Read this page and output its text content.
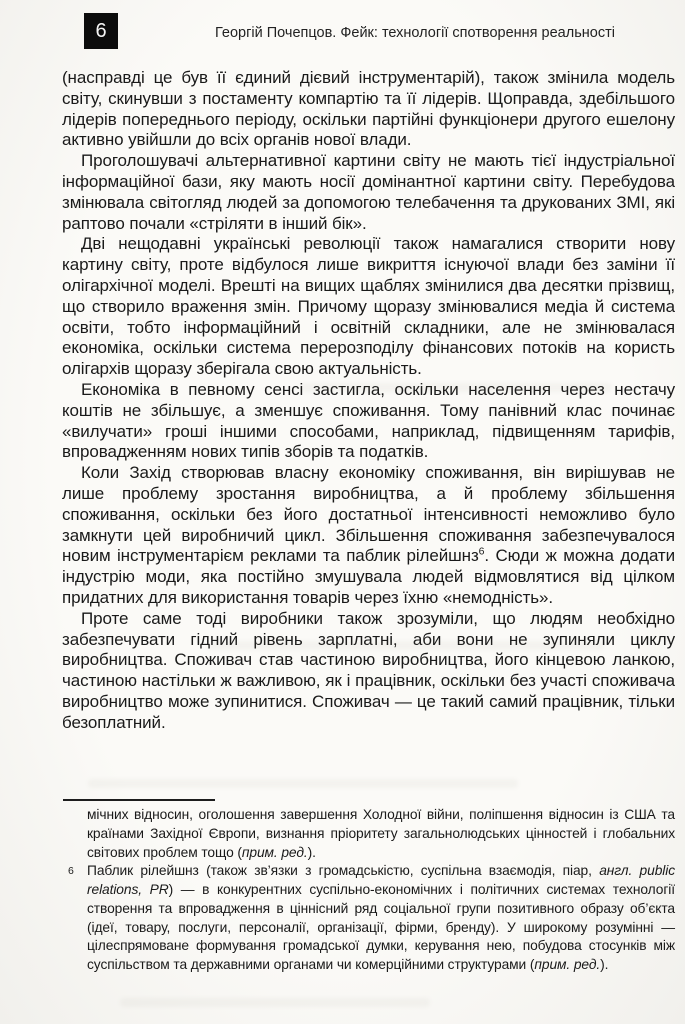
6	Георгій Почепцов. Фейк: технології спотворення реальності

(насправді це був її єдиний дієвий інструментарій), також змінила модель світу, скинувши з постаменту компартію та її лідерів. Щоправда, здебільшого лідерів попереднього періоду, оскільки партійні функціонери другого ешелону активно увійшли до всіх органів нової влади.

Проголошувачі альтернативної картини світу не мають тієї індустріальної інформаційної бази, яку мають носії домінантної картини світу. Перебудова змінювала світогляд людей за допомогою телебачення та друкованих ЗМІ, які раптово почали «стріляти в інший бік».

Дві нещодавні українські революції також намагалися створити нову картину світу, проте відбулося лише викриття існуючої влади без заміни її олігархічної моделі. Врешті на вищих щаблях змінилися два десятки прізвищ, що створило враження змін. Причому щоразу змінювалися медіа й система освіти, тобто інформаційний і освітній складники, але не змінювалася економіка, оскільки система перерозподілу фінансових потоків на користь олігархів щоразу зберігала свою актуальність.

Економіка в певному сенсі застигла, оскільки населення через нестачу коштів не збільшує, а зменшує споживання. Тому панівний клас починає «вилучати» гроші іншими способами, наприклад, підвищенням тарифів, впровадженням нових типів зборів та податків.

Коли Захід створював власну економіку споживання, він вирішував не лише проблему зростання виробництва, а й проблему збільшення споживання, оскільки без його достатньої інтенсивності неможливо було замкнути цей виробничий цикл. Збільшення споживання забезпечувалося новим інструментарієм реклами та паблик рілейшнз$^6$. Сюди ж можна додати індустрію моди, яка постійно змушувала людей відмовлятися від цілком придатних для використання товарів через їхню «немодність».

Проте саме тоді виробники також зрозуміли, що людям необхідно забезпечувати гідний рівень зарплатні, аби вони не зупиняли циклу виробництва. Споживач став частиною виробництва, його кінцевою ланкою, частиною настільки ж важливою, як і працівник, оскільки без участі споживача виробництво може зупинитися. Споживач — це такий самий працівник, тільки безоплатний.

мічних відносин, оголошення завершення Холодної війни, поліпшення відносин із США та країнами Західної Європи, визнання пріоритету загальнолюдських цінностей і глобальних світових проблем тощо (прим. ред.).

6 Паблик рілейшнз (також зв’язки з громадськістю, суспільна взаємодія, піар, англ. public relations, PR) — в конкурентних суспільно-економічних і політичних системах технології створення та впровадження в ціннісний ряд соціальної групи позитивного образу об’єкта (ідеї, товару, послуги, персоналії, організації, фірми, бренду). У широкому розумінні — цілеспрямоване формування громадської думки, керування нею, побудова стосунків між суспільством та державними органами чи комерційними структурами (прим. ред.).
